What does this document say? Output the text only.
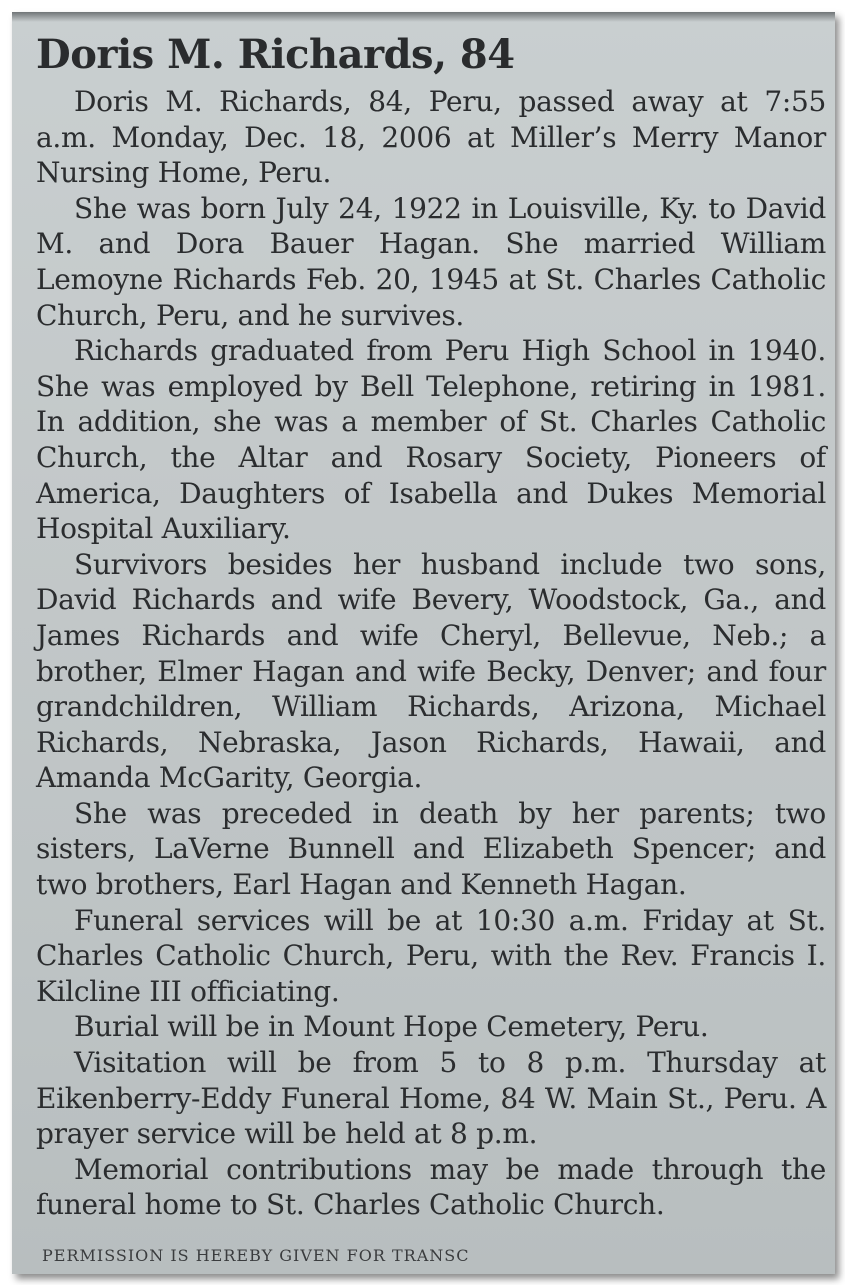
Doris M. Richards, 84

Doris M. Richards, 84, Peru, passed away at 7:55 a.m. Monday, Dec. 18, 2006 at Miller’s Merry Manor Nursing Home, Peru.

She was born July 24, 1922 in Louisville, Ky. to David M. and Dora Bauer Hagan. She married William Lemoyne Richards Feb. 20, 1945 at St. Charles Catholic Church, Peru, and he survives.

Richards graduated from Peru High School in 1940. She was employed by Bell Telephone, retiring in 1981. In addition, she was a member of St. Charles Catholic Church, the Altar and Rosary Society, Pioneers of America, Daughters of Isabella and Dukes Memorial Hospital Auxiliary.

Survivors besides her husband include two sons, David Richards and wife Bevery, Woodstock, Ga., and James Richards and wife Cheryl, Bellevue, Neb.; a brother, Elmer Hagan and wife Becky, Denver; and four grandchildren, William Richards, Arizona, Michael Richards, Nebraska, Jason Richards, Hawaii, and Amanda McGarity, Georgia.

She was preceded in death by her parents; two sisters, LaVerne Bunnell and Elizabeth Spencer; and two brothers, Earl Hagan and Kenneth Hagan.

Funeral services will be at 10:30 a.m. Friday at St. Charles Catholic Church, Peru, with the Rev. Francis I. Kilcline III officiating.

Burial will be in Mount Hope Cemetery, Peru.

Visitation will be from 5 to 8 p.m. Thursday at Eikenberry-Eddy Funeral Home, 84 W. Main St., Peru. A prayer service will be held at 8 p.m.

Memorial contributions may be made through the funeral home to St. Charles Catholic Church.

PERMISSION IS HEREBY GIVEN FOR TRANSC
